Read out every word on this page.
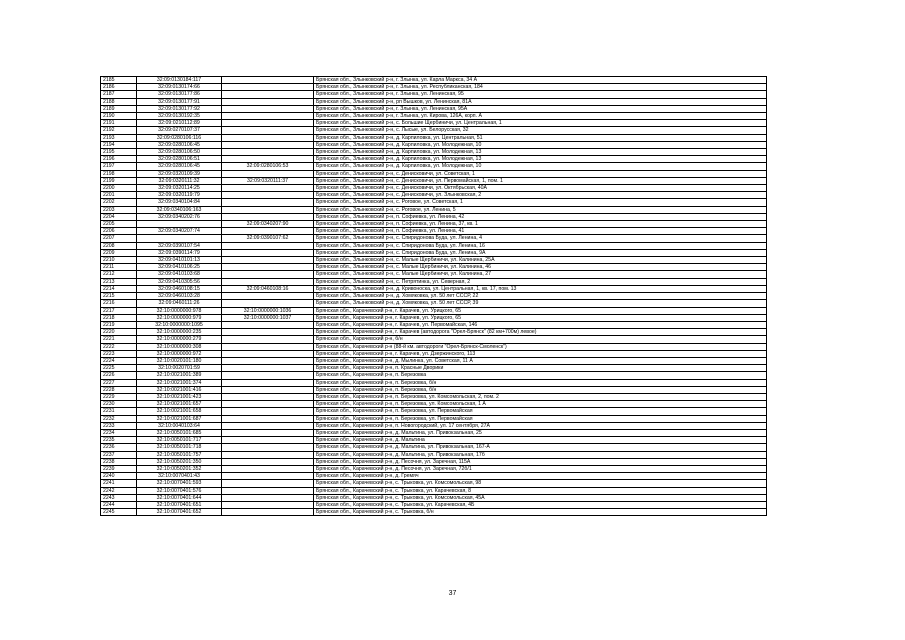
2185	32:09:0130184:117		Брянская обл., Злынковский р-н, г. Злынка, ул. Карла Маркса, 34 А
2186	32:09:0130174:66		Брянская обл., Злынковский р-н, г. Злынка, ул. Республиканская, 184
2187	32:09:0130177:86		Брянская обл., Злынковский р-н, г. Злынка, ул. Ленинская, 95
2188	32:09:0130177:91		Брянская обл., Злынковский р-н, рп Вышков, ул. Ленинская, 81А
2189	32:09:0130177:92		Брянская обл., Злынковский р-н, г. Злынка, ул. Ленинская, 95А
2190	32:09:0130192:35		Брянская обл., Злынковский р-н, г. Злынка, ул. Кирова, 126А, корп. А
2191	32:09:0210112:89		Брянская обл., Злынковский р-н, с. Большие Щербиничи, ул. Центральная, 1
2192	32:09:0270107:37		Брянская обл., Злынковский р-н, с. Лысые, ул. Белорусская, 32
2193	32:09:0280106:116		Брянская обл., Злынковский р-н, д. Карпиловка, ул. Центральная, 51
2194	32:09:0280106:45		Брянская обл., Злынковский р-н, д. Карпиловка, ул. Молодежная, 10
2195	32:09:0280106:50		Брянская обл., Злынковский р-н, д. Карпиловка, ул. Молодежная, 13
2196	32:09:0280106:51		Брянская обл., Злынковский р-н, д. Карпиловка, ул. Молодежная, 13
2197	32:09:0280106:45	32:09:0280106:53	Брянская обл., Злынковский р-н, д. Карпиловка, ул. Молодежная, 10
2198	32:09:0320109:39		Брянская обл., Злынковский р-н, с. Денисковичи, ул. Советская, 1
2199	32:09:0320111:32	32:09:0320111:37	Брянская обл., Злынковский р-н, с. Денисковичи, ул. Первомайская, 1, пом. 1
2200	32:09:0320114:25		Брянская обл., Злынковский р-н, с. Денисковичи, ул. Октябрьская, 40А
2201	32:09:0320119:79		Брянская обл., Злынковский р-н, с. Денисковичи, ул. Злынковская, 2
2202	32:09:0340104:84		Брянская обл., Злынковский р-н, с. Роговое, ул. Советская, 1
2203	32:09:0340106:163		Брянская обл., Злынковский р-н, с. Роговое, ул. Ленина, 5
2204	32:09:0340202:76		Брянская обл., Злынковский р-н, п. Софиевка, ул. Ленина, 42
2205		32:09:0340207:90	Брянская обл., Злынковский р-н, п. Софиевка, ул. Ленина, 37, кв. 1
2206	32:09:0340207:74		Брянская обл., Злынковский р-н, п. Софиевка, ул. Ленина, 41
2207		32:09:0390107:62	Брянская обл., Злынковский р-н, с. Спиридонова Буда, ул. Ленина, 4
2208	32:09:0390107:54		Брянская обл., Злынковский р-н, с. Спиридонова Буда, ул. Ленина, 16
2209	32:09:0390114:79		Брянская обл., Злынковский р-н, с. Спиридонова Буда, ул. Ленина, 9А
2210	32:09:0410101:13		Брянская обл., Злынковский р-н, с. Малые Щербиничи, ул. Калинина, 25А
2211	32:09:0410106:25		Брянская обл., Злынковский р-н, с. Малые Щербиничи, ул. Калинина, 46
2212	32:09:0410103:68		Брянская обл., Злынковский р-н, с. Малые Щербиничи, ул. Калинина, 27
2213	32:09:0410305:56		Брянская обл., Злынковский р-н, с. Петрятинка, ул. Северная, 2
2214	32:09:0460108:15	32:09:0460108:16	Брянская обл., Злынковский р-н, д. Кривоноска, ул. Центральная, 1, кв. 17, пом. 13
2215	32:09:0460103:28		Брянская обл., Злынковский р-н, д. Хомяковка, ул. 50 лет СССР, 22
2216	32:09:0460111:26		Брянская обл., Злынковский р-н, д. Хомяковка, ул. 50 лет СССР, 39
2217	32:10:0000000:978	32:10:0000000:1036	Брянская обл., Карачевский р-н, г. Карачев, ул. Урицкого, 65
2218	32:10:0000000:979	32:10:0000000:1037	Брянская обл., Карачевский р-н, г. Карачев, ул. Урицкого, 65
2219	32:10:0000000:1095		Брянская обл., Карачевский р-н, г. Карачев, ул. Первомайская, 146
2220	32:10:0000000:235		Брянская обл., Карачевский р-н, г. Карачев (автодорога "Орел-Брянск" (82 км+700м) левое)
2221	32:10:0000000:279		Брянская обл., Карачевский р-н, б/н
2222	32:10:0000000:308		Брянская обл., Карачевский р-н (88-й км. автодороги "Орел-Брянск-Смоленск")
2223	32:10:0000000:972		Брянская обл., Карачевский р-н, г. Карачев, ул. Дзержинского, 113
2224	32:10:0020101:180		Брянская обл., Карачевский р-н, д. Мылинка, ул. Советская, 11 А
2225	32:10:0020701:59		Брянская обл., Карачевский р-н, п. Красные Дворики
2226	32:10:0021001:389		Брянская обл., Карачевский р-н, п. Березовка
2227	32:10:0021001:374		Брянская обл., Карачевский р-н, п. Березовка, б/н
2228	32:10:0021001:416		Брянская обл., Карачевский р-н, п. Березовка, б/н
2229	32:10:0021001:423		Брянская обл., Карачевский р-н, п. Березовка, ул. Комсомольская, 2, пом. 2
2230	32:10:0021001:657		Брянская обл., Карачевский р-н, п. Березовка, ул. Комсомольская, 1 А
2231	32:10:0021001:658		Брянская обл., Карачевский р-н, п. Березовка, ул. Первомайская
2232	32:10:0021001:687		Брянская обл., Карачевский р-н, п. Березовка, ул. Первомайская
2233	32:10:0040103:64		Брянская обл., Карачевский р-н, п. Новогородский, ул. 17 сентября, 27А
2234	32:10:0050101:685		Брянская обл., Карачевский р-н, д. Мальтина, ул. Привокзальная, 25
2235	32:10:0050101:717		Брянская обл., Карачевский р-н, д. Мальтина
2236	32:10:0050101:718		Брянская обл., Карачевский р-н, д. Мальтина, ул. Привокзальная, 167-А
2237	32:10:0050101:757		Брянская обл., Карачевский р-н, д. Мальтина, ул. Привокзальная, 17б
2238	32:10:0050201:350		Брянская обл., Карачевский р-н, д. Песочня, ул. Заречная, 115А
2239	32:10:0050201:352		Брянская обл., Карачевский р-н, д. Песочня, ул. Заречная, 72б/1
2240	32:10:0070401:43		Брянская обл., Карачевский р-н, д. Гремяч
2241	32:10:0070401:593		Брянская обл., Карачевский р-н, с. Трыковка, ул. Комсомольская, 98
2242	32:10:0070401:576		Брянская обл., Карачевский р-н, с. Трыковка, ул. Карачевская, 8
2243	32:10:0070401:644		Брянская обл., Карачевский р-н, с. Трыковка, ул. Комсомольская, 45А
2244	32:10:0070401:651		Брянская обл., Карачевский р-н, с. Трыковка, ул. Карачевская, 4Б
2245	32:10:0070401:652		Брянская обл., Карачевский р-н, с. Трыковка, б/н
37
